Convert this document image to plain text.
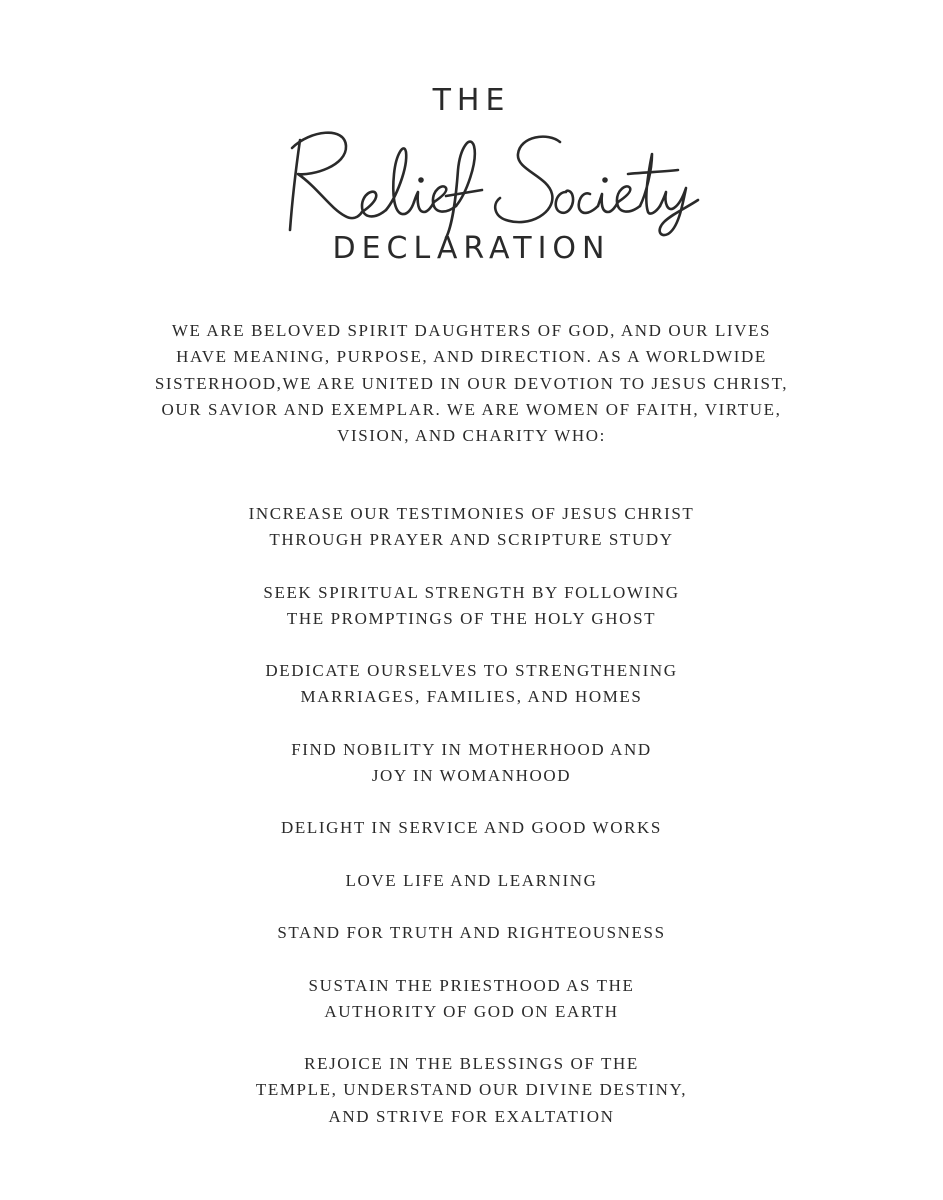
THE
DECLARATION
WE ARE BELOVED SPIRIT DAUGHTERS OF GOD, AND OUR LIVES
HAVE MEANING, PURPOSE, AND DIRECTION. AS A WORLDWIDE
SISTERHOOD,WE ARE UNITED IN OUR DEVOTION TO JESUS CHRIST,
OUR SAVIOR AND EXEMPLAR. WE ARE WOMEN OF FAITH, VIRTUE,
VISION, AND CHARITY WHO:
INCREASE OUR TESTIMONIES OF JESUS CHRIST
THROUGH PRAYER AND SCRIPTURE STUDY
SEEK SPIRITUAL STRENGTH BY FOLLOWING
THE PROMPTINGS OF THE HOLY GHOST
DEDICATE OURSELVES TO STRENGTHENING
MARRIAGES, FAMILIES, AND HOMES
FIND NOBILITY IN MOTHERHOOD AND
JOY IN WOMANHOOD
DELIGHT IN SERVICE AND GOOD WORKS
LOVE LIFE AND LEARNING
STAND FOR TRUTH AND RIGHTEOUSNESS
SUSTAIN THE PRIESTHOOD AS THE
AUTHORITY OF GOD ON EARTH
REJOICE IN THE BLESSINGS OF THE
TEMPLE, UNDERSTAND OUR DIVINE DESTINY,
AND STRIVE FOR EXALTATION
